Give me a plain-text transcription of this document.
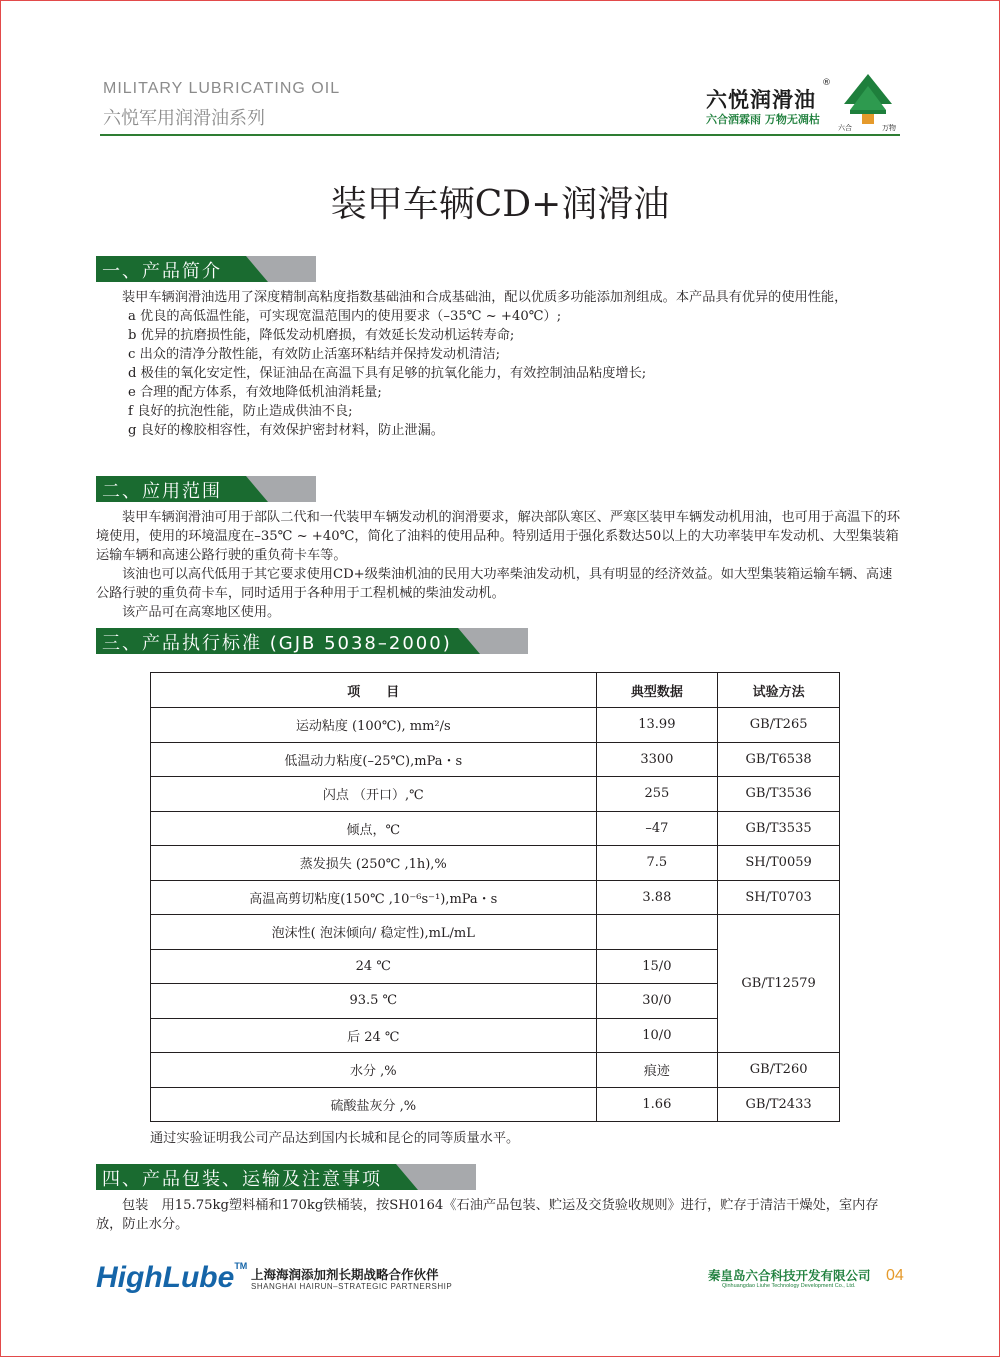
MILITARY LUBRICATING OIL
六悦军用润滑油系列
六悦润滑油
®
六合洒霖雨 万物无凋枯
六合	万物
装甲车辆CD+润滑油
一、产品简介
装甲车辆润滑油选用了深度精制高粘度指数基础油和合成基础油，配以优质多功能添加剂组成。本产品具有优异的使用性能，
a 优良的高低温性能，可实现宽温范围内的使用要求（–35℃ ~ +40℃）;
b 优异的抗磨损性能，降低发动机磨损，有效延长发动机运转寿命;
c 出众的清净分散性能，有效防止活塞环粘结并保持发动机清洁;
d 极佳的氧化安定性，保证油品在高温下具有足够的抗氧化能力，有效控制油品粘度增长;
e 合理的配方体系，有效地降低机油消耗量;
f 良好的抗泡性能，防止造成供油不良;
g 良好的橡胶相容性，有效保护密封材料，防止泄漏。
二、应用范围
装甲车辆润滑油可用于部队二代和一代装甲车辆发动机的润滑要求，解决部队寒区、严寒区装甲车辆发动机用油，也可用于高温下的环境使用，使用的环境温度在–35℃ ~ +40℃，简化了油料的使用品种。特别适用于强化系数达50以上的大功率装甲车发动机、大型集装箱运输车辆和高速公路行驶的重负荷卡车等。
该油也可以高代低用于其它要求使用CD+级柴油机油的民用大功率柴油发动机，具有明显的经济效益。如大型集装箱运输车辆、高速公路行驶的重负荷卡车，同时适用于各种用于工程机械的柴油发动机。
该产品可在高寒地区使用。
三、产品执行标准 (GJB 5038–2000)
项　　目	典型数据	试验方法
运动粘度 (100℃), mm²/s	13.99	GB/T265
低温动力粘度(–25℃),mPa・s	3300	GB/T6538
闪点 （开口）,℃	255	GB/T3536
倾点，℃	–47	GB/T3535
蒸发损失 (250℃ ,1h),%	7.5	SH/T0059
高温高剪切粘度(150℃ ,10⁻⁶s⁻¹),mPa・s	3.88	SH/T0703
泡沫性( 泡沫倾向/ 稳定性),mL/mL		GB/T12579
24 ℃	15/0	
93.5 ℃	30/0	
后 24 ℃	10/0	
水分 ,%	痕迹	GB/T260
硫酸盐灰分 ,%	1.66	GB/T2433
通过实验证明我公司产品达到国内长城和昆仑的同等质量水平。
四、产品包装、运输及注意事项
包装　用15.75kg塑料桶和170kg铁桶装，按SH0164《石油产品包装、贮运及交货验收规则》进行，贮存于清洁干燥处，室内存放，防止水分。
HighLube™
上海海润添加剂长期战略合作伙伴
SHANGHAI HAIRUN–STRATEGIC PARTNERSHIP
秦皇岛六合科技开发有限公司
Qinhuangdao Liuhe Technology Development Co., Ltd.
04
